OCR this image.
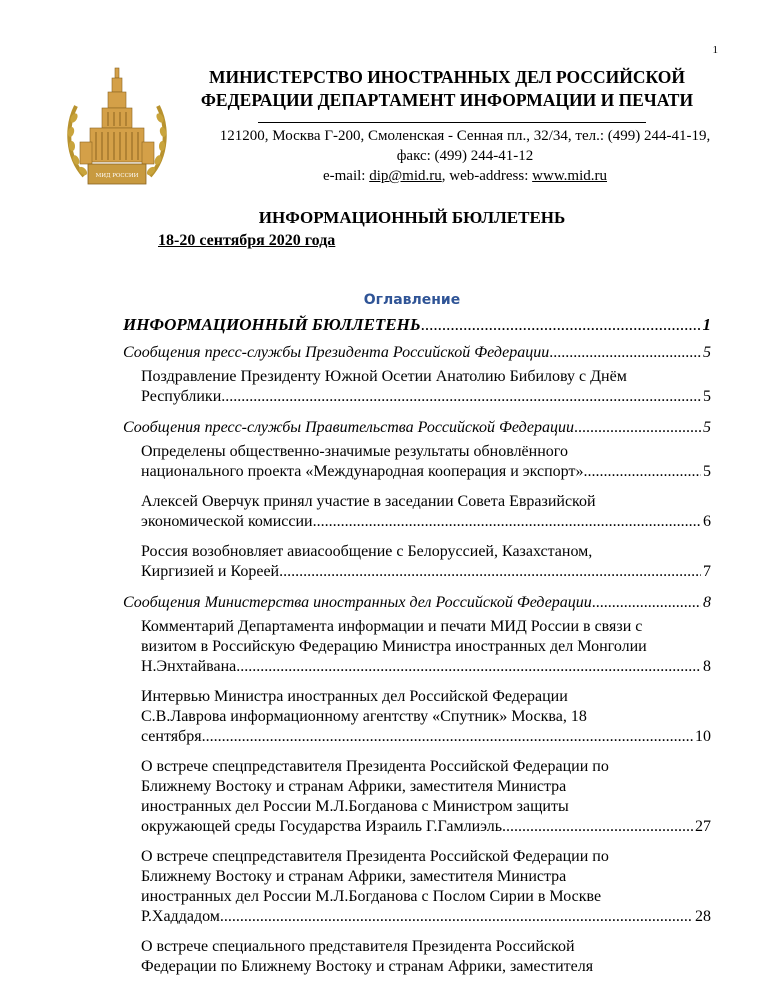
1
МИД РОССИИ
МИНИСТЕРСТВО ИНОСТРАННЫХ ДЕЛ РОССИЙСКОЙ
ФЕДЕРАЦИИ ДЕПАРТАМЕНТ ИНФОРМАЦИИ И ПЕЧАТИ
121200, Москва Г-200, Смоленская - Сенная пл., 32/34, тел.: (499) 244-41-19,
факс: (499) 244-41-12
e-mail: dip@mid.ru, web-address: www.mid.ru
ИНФОРМАЦИОННЫЙ БЮЛЛЕТЕНЬ
18-20 сентября 2020 года
Оглавление
ИНФОРМАЦИОННЫЙ БЮЛЛЕТЕНЬ .....	1
Сообщения пресс-службы Президента Российской Федерации .....	5
Поздравление Президенту Южной Осетии Анатолию Бибилову с Днём
Республики .....	5
Сообщения пресс-службы Правительства Российской Федерации .....	5
Определены общественно-значимые результаты обновлённого
национального проекта «Международная кооперация и экспорт» .....	5
Алексей Оверчук принял участие в заседании Совета Евразийской
экономической комиссии .....	6
Россия возобновляет авиасообщение с Белоруссией, Казахстаном,
Киргизией и Кореей .....	7
Сообщения Министерства иностранных дел Российской Федерации .....	8
Комментарий Департамента информации и печати МИД России в связи с
визитом в Российскую Федерацию Министра иностранных дел Монголии
Н.Энхтайвана .....	8
Интервью Министра иностранных дел Российской Федерации
С.В.Лаврова информационному агентству «Спутник» Москва, 18
сентября .....	10
О встрече спецпредставителя Президента Российской Федерации по
Ближнему Востоку и странам Африки, заместителя Министра
иностранных дел России М.Л.Богданова с Министром защиты
окружающей среды Государства Израиль Г.Гамлиэль .....	27
О встрече спецпредставителя Президента Российской Федерации по
Ближнему Востоку и странам Африки, заместителя Министра
иностранных дел России М.Л.Богданова с Послом Сирии в Москве
Р.Хаддадом .....	28
О встрече специального представителя Президента Российской
Федерации по Ближнему Востоку и странам Африки, заместителя
